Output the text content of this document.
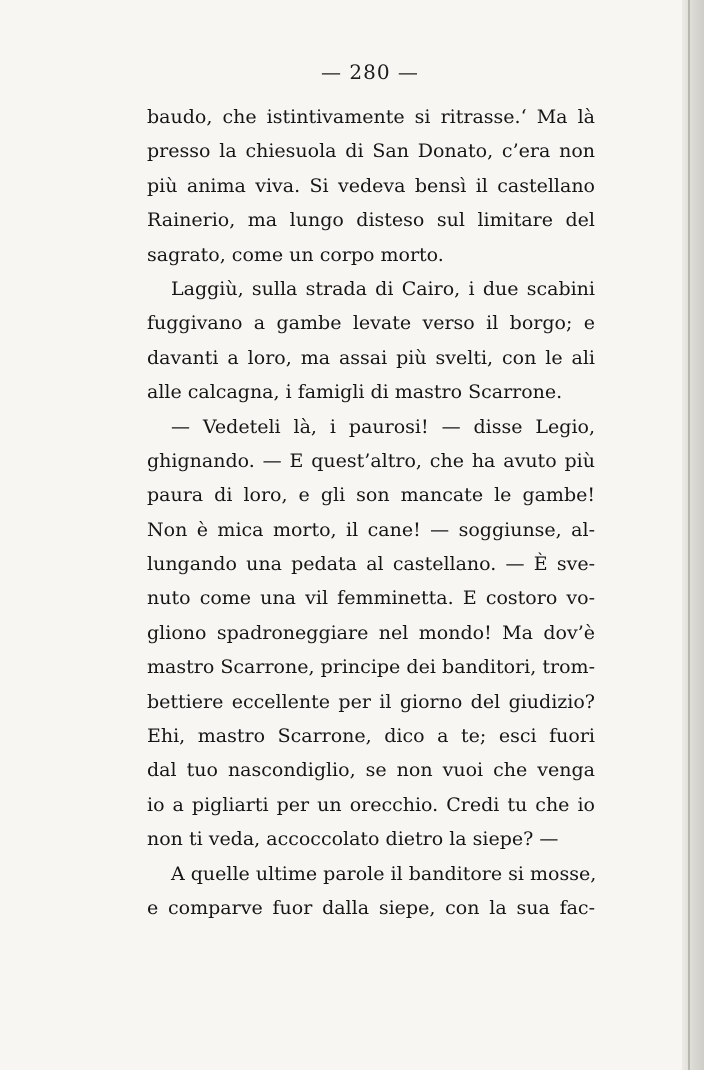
— 280 —
baudo, che istintivamente si ritrasse.‘ Ma là
presso la chiesuola di San Donato, c’era non
più anima viva. Si vedeva bensì il castellano
Rainerio, ma lungo disteso sul limitare del
sagrato, come un corpo morto.
Laggiù, sulla strada di Cairo, i due scabini
fuggivano a gambe levate verso il borgo; e
davanti a loro, ma assai più svelti, con le ali
alle calcagna, i famigli di mastro Scarrone.
— Vedeteli là, i paurosi! — disse Legio,
ghignando. — E quest’altro, che ha avuto più
paura di loro, e gli son mancate le gambe!
Non è mica morto, il cane! — soggiunse, al-
lungando una pedata al castellano. — È sve-
nuto come una vil femminetta. E costoro vo-
gliono spadroneggiare nel mondo! Ma dov’è
mastro Scarrone, principe dei banditori, trom-
bettiere eccellente per il giorno del giudizio?
Ehi, mastro Scarrone, dico a te; esci fuori
dal tuo nascondiglio, se non vuoi che venga
io a pigliarti per un orecchio. Credi tu che io
non ti veda, accoccolato dietro la siepe? —
A quelle ultime parole il banditore si mosse,
e comparve fuor dalla siepe, con la sua fac-
